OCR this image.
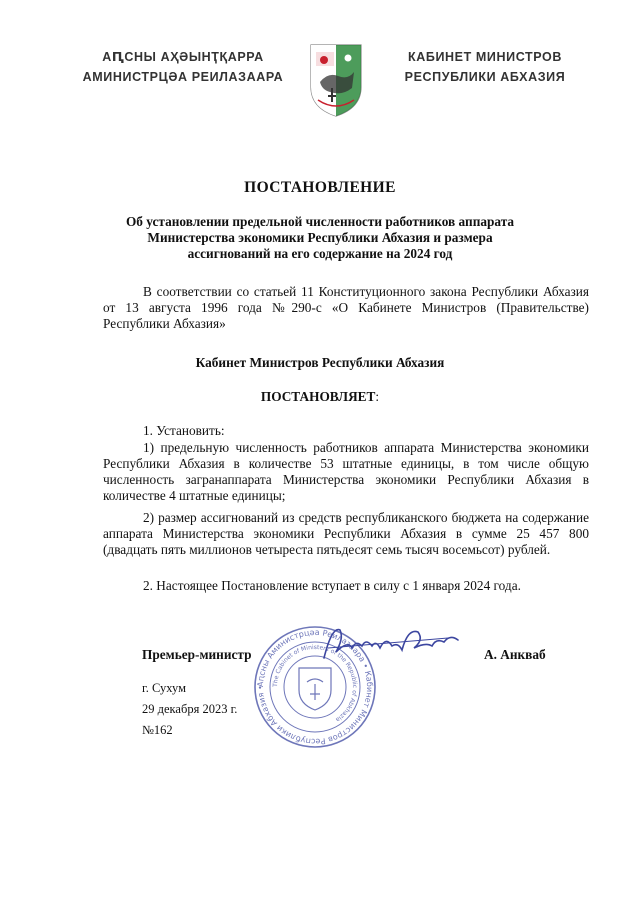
АԤСНЫ АҲӘЫНҬҚАРРА
АМИНИСТРЦӘА РЕИЛАЗААРА
КАБИНЕТ МИНИСТРОВ
РЕСПУБЛИКИ АБХАЗИЯ
ПОСТАНОВЛЕНИЕ
Об установлении предельной численности работников аппарата Министерства экономики Республики Абхазия и размера ассигнований на его содержание на 2024 год

В соответствии со статьей 11 Конституционного закона Республики Абхазия от 13 августа 1996 года №290-с «О Кабинете Министров (Правительстве) Республики Абхазия»

Кабинет Министров Республики Абхазия
ПОСТАНОВЛЯЕТ:

1. Установить:

1) предельную численность работников аппарата Министерства экономики Республики Абхазия в количестве 53 штатные единицы, в том числе общую численность загранаппарата Министерства экономики Республики Абхазия в количестве 4 штатные единицы;

2) размер ассигнований из средств республиканского бюджета на содержание аппарата Министерства экономики Республики Абхазия в сумме 25 457 800 (двадцать пять миллионов четыреста пятьдесят семь тысяч восемьсот) рублей.

2. Настоящее Постановление вступает в силу с 1 января 2024 года.

Аԥсны Аминистрцәа Реилазаара • Кабинет Министров Республики Абхазия •	The Cabinet of Ministers of the Republic of Abkhazia
Премьер-министр	А. Анкваб
г. Сухум
29 декабря 2023 г.
№162
